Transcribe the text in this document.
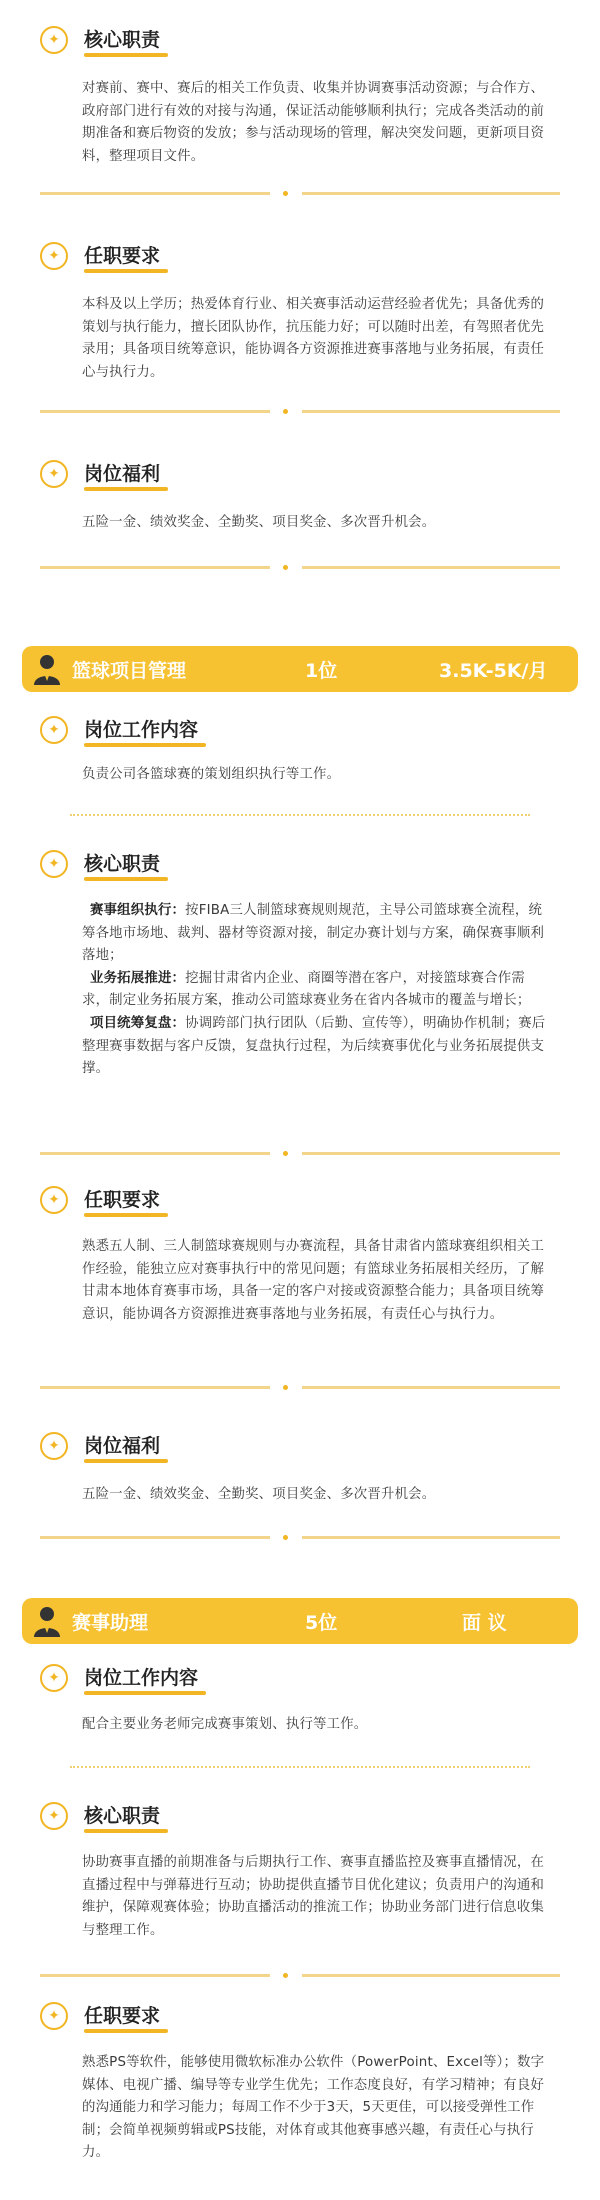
✦	核心职责
对赛前、赛中、赛后的相关工作负责、收集并协调赛事活动资源；与合作方、政府部门进行有效的对接与沟通，保证活动能够顺利执行；完成各类活动的前期准备和赛后物资的发放；参与活动现场的管理，解决突发问题，更新项目资料，整理项目文件。
✦	任职要求
本科及以上学历；热爱体育行业、相关赛事活动运营经验者优先；具备优秀的策划与执行能力，擅长团队协作，抗压能力好；可以随时出差，有驾照者优先录用；具备项目统筹意识，能协调各方资源推进赛事落地与业务拓展，有责任心与执行力。
✦	岗位福利
五险一金、绩效奖金、全勤奖、项目奖金、多次晋升机会。
篮球项目管理	1位	3.5K-5K/月
✦	岗位工作内容
负责公司各篮球赛的策划组织执行等工作。
✦	核心职责
赛事组织执行：按FIBA三人制篮球赛规则规范，主导公司篮球赛全流程，统筹各地市场地、裁判、器材等资源对接，制定办赛计划与方案，确保赛事顺利落地；
业务拓展推进：挖掘甘肃省内企业、商圈等潜在客户，对接篮球赛合作需求，制定业务拓展方案，推动公司篮球赛业务在省内各城市的覆盖与增长；
项目统筹复盘：协调跨部门执行团队（后勤、宣传等），明确协作机制；赛后整理赛事数据与客户反馈，复盘执行过程，为后续赛事优化与业务拓展提供支撑。
✦	任职要求
熟悉五人制、三人制篮球赛规则与办赛流程，具备甘肃省内篮球赛组织相关工作经验，能独立应对赛事执行中的常见问题；有篮球业务拓展相关经历，了解甘肃本地体育赛事市场，具备一定的客户对接或资源整合能力；具备项目统筹意识，能协调各方资源推进赛事落地与业务拓展，有责任心与执行力。
✦	岗位福利
五险一金、绩效奖金、全勤奖、项目奖金、多次晋升机会。
赛事助理	5位	面 议
✦	岗位工作内容
配合主要业务老师完成赛事策划、执行等工作。
✦	核心职责
协助赛事直播的前期准备与后期执行工作、赛事直播监控及赛事直播情况，在直播过程中与弹幕进行互动；协助提供直播节目优化建议；负责用户的沟通和维护，保障观赛体验；协助直播活动的推流工作；协助业务部门进行信息收集与整理工作。
✦	任职要求
熟悉PS等软件，能够使用微软标准办公软件（PowerPoint、Excel等）；数字媒体、电视广播、编导等专业学生优先；工作态度良好，有学习精神；有良好的沟通能力和学习能力；每周工作不少于3天，5天更佳，可以接受弹性工作制；会简单视频剪辑或PS技能，对体育或其他赛事感兴趣，有责任心与执行力。
